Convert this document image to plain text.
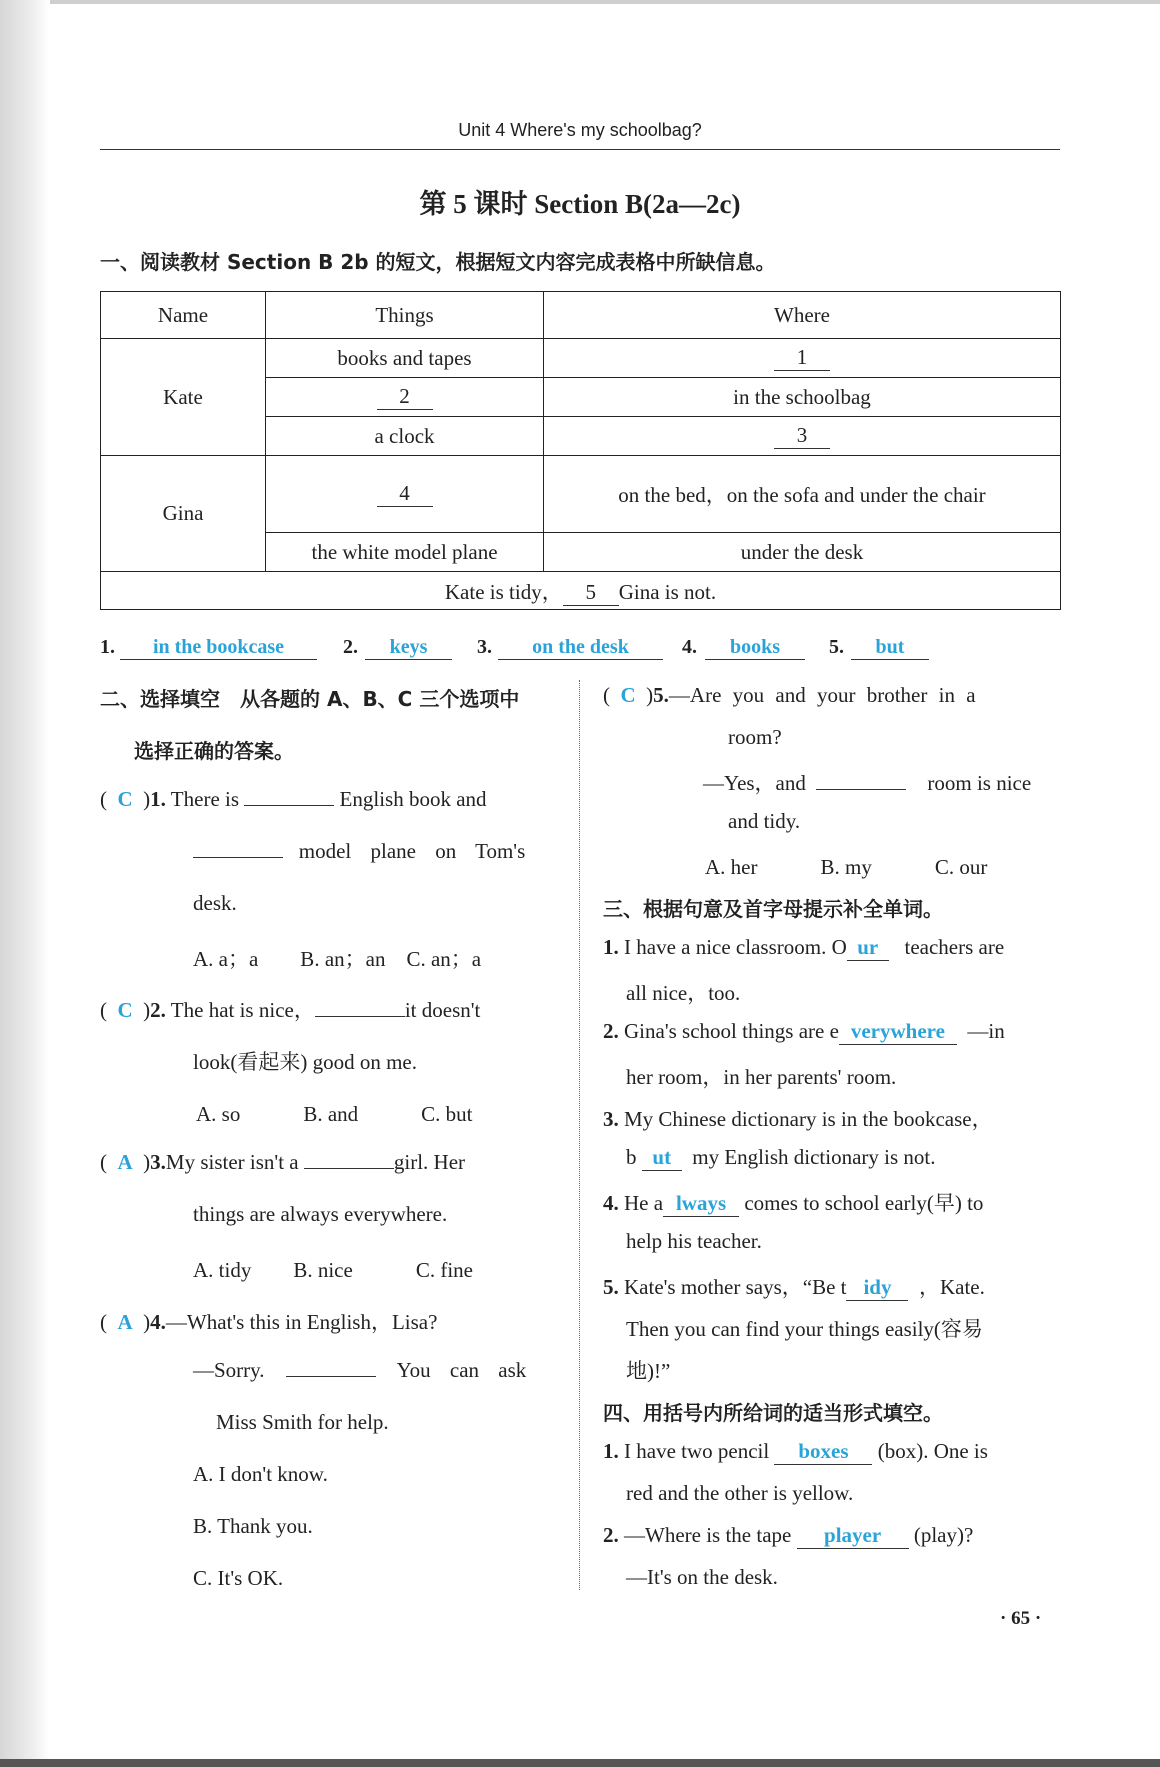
Unit 4 Where's my schoolbag?
第 5 课时 Section B(2a—2c)
一、阅读教材 Section B 2b 的短文，根据短文内容完成表格中所缺信息。
Name	Things	Where
Kate	books and tapes	1
	2	in the schoolbag
	a clock	3
Gina	4	on the bed，on the sofa and under the chair
	the white model plane	under the desk
Kate is tidy， 5 Gina is not.		
1.	in the bookcase	2.	keys	3.	on the desk	4.	books	5.	but
二、选择填空　从各题的 A、B、C 三个选项中
选择正确的答案。
(  C  )1. There is	English book and
model plane on Tom's
desk.
A. a；a　　B. an；an　C. an；a
(  C  )2. The hat is nice，	it doesn't
look(看起来) good on me.
A. so　　　B. and　　　C. but
(  A  )3.My sister isn't a	girl. Her
things are always everywhere.
A. tidy　　B. nice　　　C. fine
(  A  )4.—What's this in English，Lisa?
—Sorry.	You can ask
Miss Smith for help.
A. I don't know.
B. Thank you.
C. It's OK.
(  C  )5.—Are you and your brother in a
room?
—Yes，and	room is nice
and tidy.
A. her　　　B. my　　　C. our
三、根据句意及首字母提示补全单词。
1. I have a nice classroom. O ur teachers are
all nice，too.
2. Gina's school things are e verywhere —in
her room，in her parents' room.
3. My Chinese dictionary is in the bookcase，
b ut my English dictionary is not.
4. He a lways comes to school early(早) to
help his teacher.
5. Kate's mother says，“Be t idy ，Kate.
Then you can find your things easily(容易
地)!”
四、用括号内所给词的适当形式填空。
1. I have two pencil boxes (box). One is
red and the other is yellow.
2. —Where is the tape player (play)?
—It's on the desk.
· 65 ·
